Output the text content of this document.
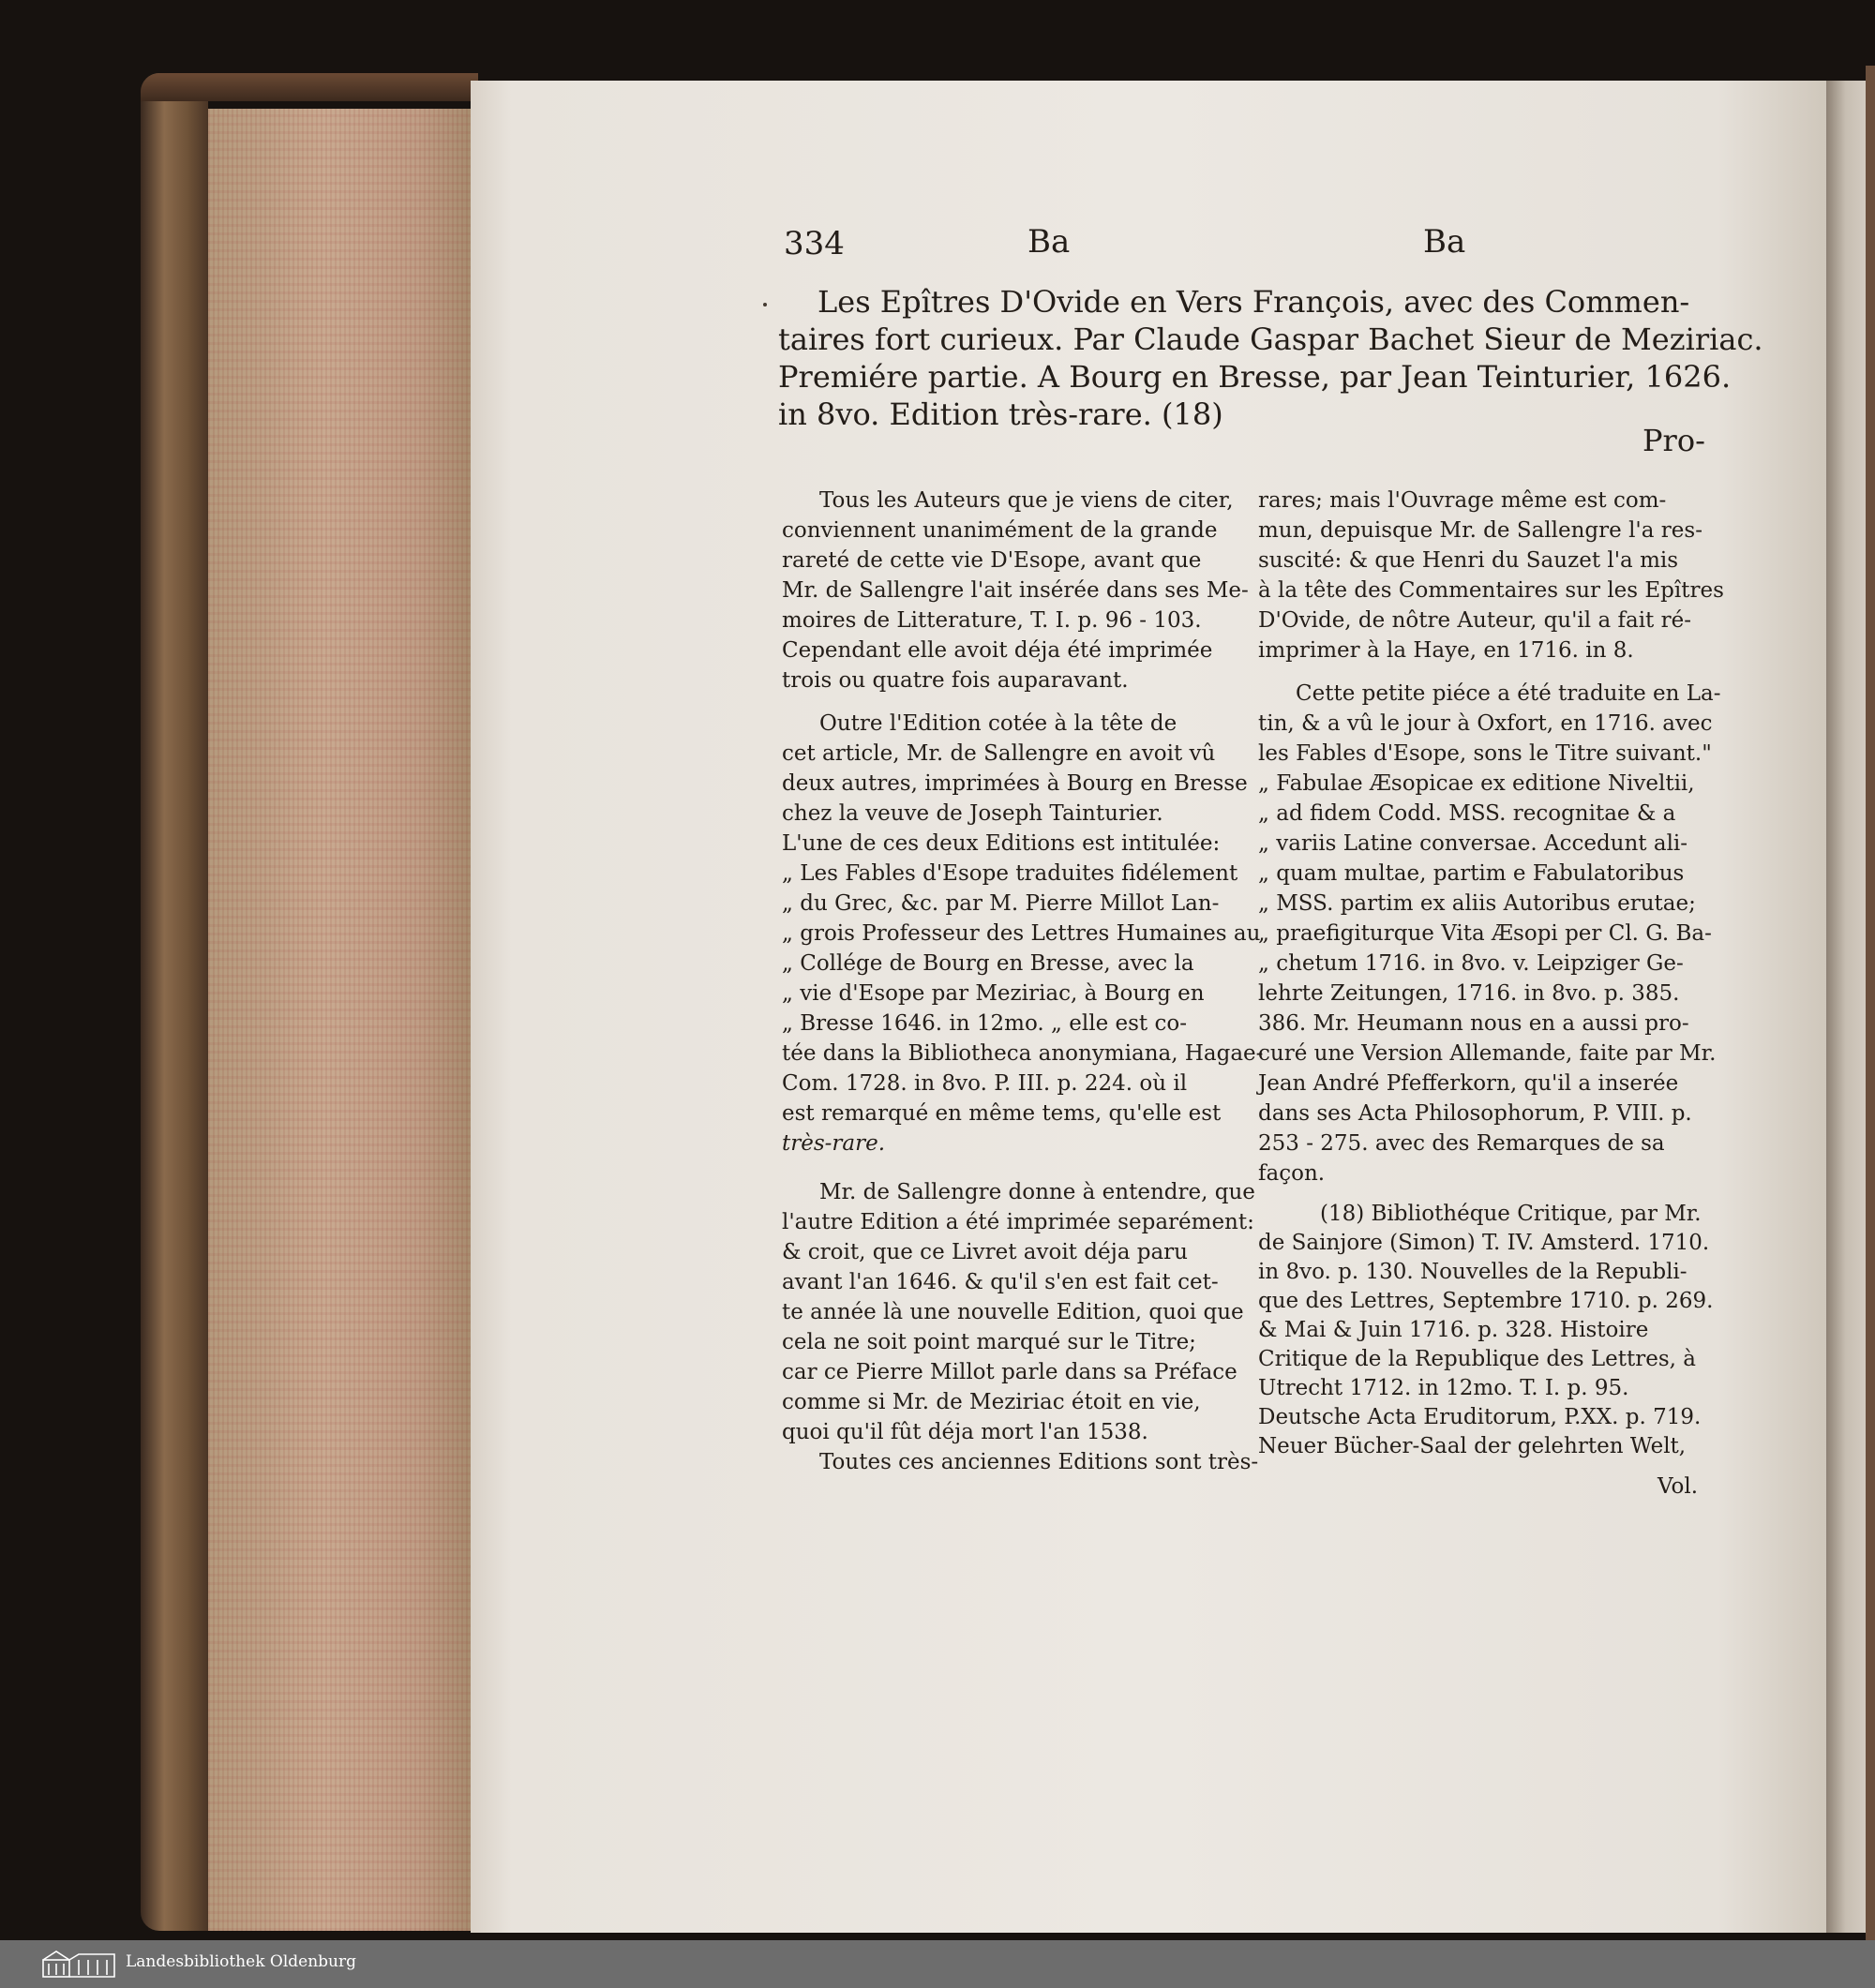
334	Ba	Ba
Les Epîtres D'Ovide en Vers François, avec des Commen-
taires fort curieux. Par Claude Gaspar Bachet Sieur de Meziriac.
Premiére partie. A Bourg en Bresse, par Jean Teinturier, 1626.
in 8vo. Edition très-rare. (18)
Pro-
Tous les Auteurs que je viens de citer,
conviennent unanimément de la grande
rareté de cette vie D'Esope, avant que
Mr. de Sallengre l'ait insérée dans ses Me-
moires de Litterature, T. I. p. 96 - 103.
Cependant elle avoit déja été imprimée
trois ou quatre fois auparavant.
Outre l'Edition cotée à la tête de
cet article, Mr. de Sallengre en avoit vû
deux autres, imprimées à Bourg en Bresse
chez la veuve de Joseph Tainturier.
L'une de ces deux Editions est intitulée:
„ Les Fables d'Esope traduites fidélement
„ du Grec, &c. par M. Pierre Millot Lan-
„ grois Professeur des Lettres Humaines au
„ Collége de Bourg en Bresse, avec la
„ vie d'Esope par Meziriac, à Bourg en
„ Bresse 1646. in 12mo. „ elle est co-
tée dans la Bibliotheca anonymiana, Hagae-
Com. 1728. in 8vo. P. III. p. 224. où il
est remarqué en même tems, qu'elle est
très-rare.
Mr. de Sallengre donne à entendre, que
l'autre Edition a été imprimée separément:
& croit, que ce Livret avoit déja paru
avant l'an 1646. & qu'il s'en est fait cet-
te année là une nouvelle Edition, quoi que
cela ne soit point marqué sur le Titre;
car ce Pierre Millot parle dans sa Préface
comme si Mr. de Meziriac étoit en vie,
quoi qu'il fût déja mort l'an 1538.
Toutes ces anciennes Editions sont très-
rares; mais l'Ouvrage même est com-
mun, depuisque Mr. de Sallengre l'a res-
suscité: & que Henri du Sauzet l'a mis
à la tête des Commentaires sur les Epîtres
D'Ovide, de nôtre Auteur, qu'il a fait ré-
imprimer à la Haye, en 1716. in 8.
Cette petite piéce a été traduite en La-
tin, & a vû le jour à Oxfort, en 1716. avec
les Fables d'Esope, sons le Titre suivant."
„ Fabulae Æsopicae ex editione Niveltii,
„ ad fidem Codd. MSS. recognitae & a
„ variis Latine conversae. Accedunt ali-
„ quam multae, partim e Fabulatoribus
„ MSS. partim ex aliis Autoribus erutae;
„ praefigiturque Vita Æsopi per Cl. G. Ba-
„ chetum 1716. in 8vo. v. Leipziger Ge-
lehrte Zeitungen, 1716. in 8vo. p. 385.
386. Mr. Heumann nous en a aussi pro-
curé une Version Allemande, faite par Mr.
Jean André Pfefferkorn, qu'il a inserée
dans ses Acta Philosophorum, P. VIII. p.
253 - 275. avec des Remarques de sa
façon.
(18) Bibliothéque Critique, par Mr.
de Sainjore (Simon) T. IV. Amsterd. 1710.
in 8vo. p. 130. Nouvelles de la Republi-
que des Lettres, Septembre 1710. p. 269.
& Mai & Juin 1716. p. 328. Histoire
Critique de la Republique des Lettres, à
Utrecht 1712. in 12mo. T. I. p. 95.
Deutsche Acta Eruditorum, P.XX. p. 719.
Neuer Bücher-Saal der gelehrten Welt,
Vol.
Landesbibliothek Oldenburg
